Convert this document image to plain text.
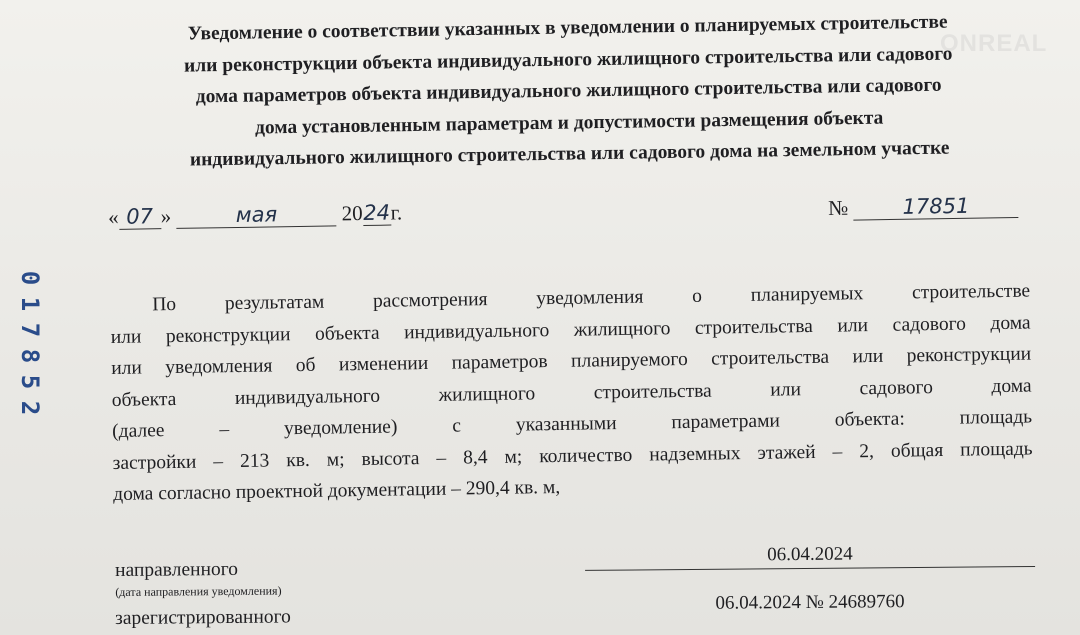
ONREAL
Уведомление о соответствии указанных в уведомлении о планируемых строительстве
или реконструкции объекта индивидуального жилищного строительства или садового
дома параметров объекта индивидуального жилищного строительства или садового
дома установленным параметрам и допустимости размещения объекта
индивидуального жилищного строительства или садового дома на земельном участке
« 07 »	мая	2024г.	№	17851
По результатам рассмотрения уведомления о планируемых строительстве
или реконструкции объекта индивидуального жилищного строительства или садового дома
или уведомления об изменении параметров планируемого строительства или реконструкции
объекта индивидуального жилищного строительства или садового дома
(далее – уведомление) с указанными параметрами объекта: площадь
застройки – 213 кв. м; высота – 8,4 м; количество надземных этажей – 2, общая площадь
дома согласно проектной документации – 290,4 кв. м,
направленного
06.04.2024
(дата направления уведомления)
зарегистрированного
06.04.2024 № 24689760
0
1
7
8
5
2
